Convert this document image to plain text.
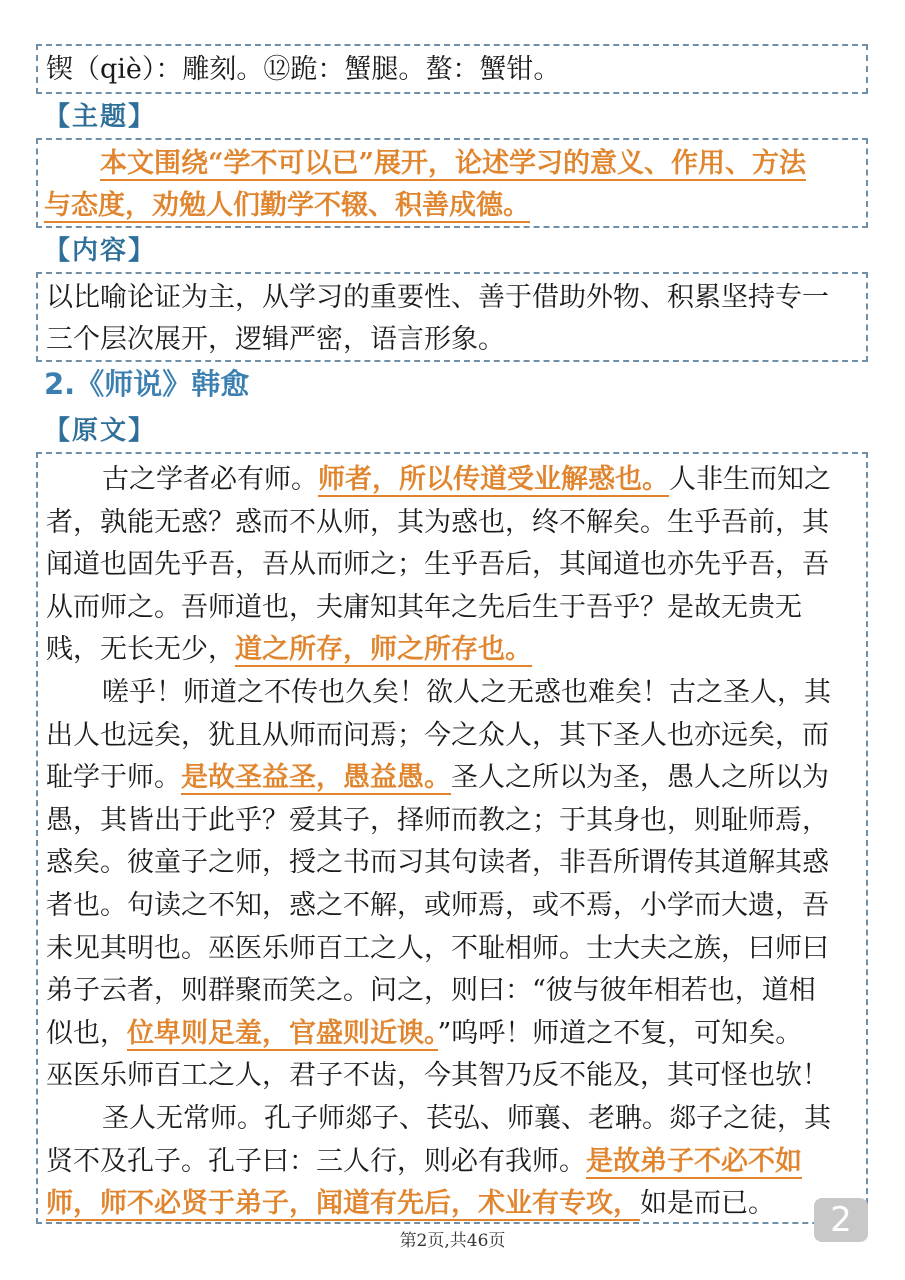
锲（qiè）：雕刻。⑫跪：蟹腿。螯：蟹钳。
【主题】
本文围绕“学不可以已”展开，论述学习的意义、作用、方法
与态度，劝勉人们勤学不辍、积善成德。
【内容】
以比喻论证为主，从学习的重要性、善于借助外物、积累坚持专一
三个层次展开，逻辑严密，语言形象。
2.《师说》韩愈
【原文】
古之学者必有师。师者，所以传道受业解惑也。人非生而知之
者，孰能无惑？惑而不从师，其为惑也，终不解矣。生乎吾前，其
闻道也固先乎吾，吾从而师之；生乎吾后，其闻道也亦先乎吾，吾
从而师之。吾师道也，夫庸知其年之先后生于吾乎？是故无贵无
贱，无长无少，道之所存，师之所存也。
嗟乎！师道之不传也久矣！欲人之无惑也难矣！古之圣人，其
出人也远矣，犹且从师而问焉；今之众人，其下圣人也亦远矣，而
耻学于师。是故圣益圣，愚益愚。圣人之所以为圣，愚人之所以为
愚，其皆出于此乎？爱其子，择师而教之；于其身也，则耻师焉，
惑矣。彼童子之师，授之书而习其句读者，非吾所谓传其道解其惑
者也。句读之不知，惑之不解，或师焉，或不焉，小学而大遗，吾
未见其明也。巫医乐师百工之人，不耻相师。士大夫之族，曰师曰
弟子云者，则群聚而笑之。问之，则曰：“彼与彼年相若也，道相
似也，位卑则足羞，官盛则近谀。”呜呼！师道之不复，可知矣。
巫医乐师百工之人，君子不齿，今其智乃反不能及，其可怪也欤！
圣人无常师。孔子师郯子、苌弘、师襄、老聃。郯子之徒，其
贤不及孔子。孔子曰：三人行，则必有我师。是故弟子不必不如
师，师不必贤于弟子，闻道有先后，术业有专攻，如是而已。
第2页,共46页
2
